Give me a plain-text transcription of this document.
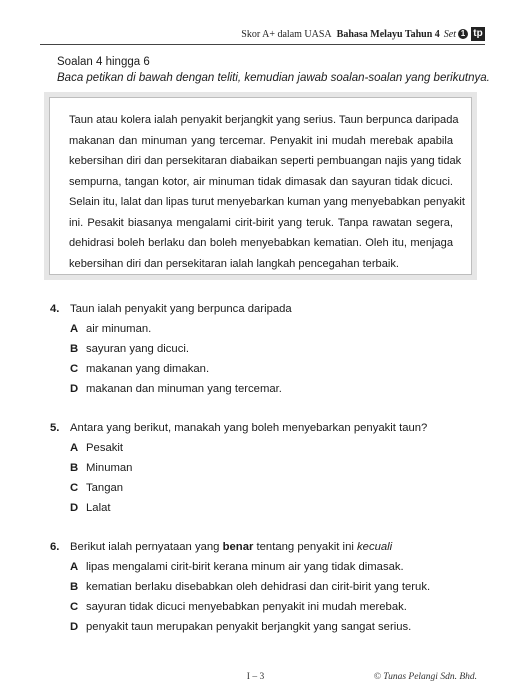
Skor A+ dalam UASA Bahasa Melayu Tahun 4 Set 1 tp
Soalan 4 hingga 6
Baca petikan di bawah dengan teliti, kemudian jawab soalan-soalan yang berikutnya.

Taun atau kolera ialah penyakit berjangkit yang serius. Taun berpunca daripada

makanan dan minuman yang tercemar. Penyakit ini mudah merebak apabila

kebersihan diri dan persekitaran diabaikan seperti pembuangan najis yang tidak

sempurna, tangan kotor, air minuman tidak dimasak dan sayuran tidak dicuci.

Selain itu, lalat dan lipas turut menyebarkan kuman yang menyebabkan penyakit

ini. Pesakit biasanya mengalami cirit-birit yang teruk. Tanpa rawatan segera,

dehidrasi boleh berlaku dan boleh menyebabkan kematian. Oleh itu, menjaga

kebersihan diri dan persekitaran ialah langkah pencegahan terbaik.

4. Taun ialah penyakit yang berpunca daripada
A air minuman.
B sayuran yang dicuci.
C makanan yang dimakan.
D makanan dan minuman yang tercemar.
5. Antara yang berikut, manakah yang boleh menyebarkan penyakit taun?
A Pesakit
B Minuman
C Tangan
D Lalat
6. Berikut ialah pernyataan yang benar tentang penyakit ini kecuali
A lipas mengalami cirit-birit kerana minum air yang tidak dimasak.
B kematian berlaku disebabkan oleh dehidrasi dan cirit-birit yang teruk.
C sayuran tidak dicuci menyebabkan penyakit ini mudah merebak.
D penyakit taun merupakan penyakit berjangkit yang sangat serius.
I – 3	© Tunas Pelangi Sdn. Bhd.
